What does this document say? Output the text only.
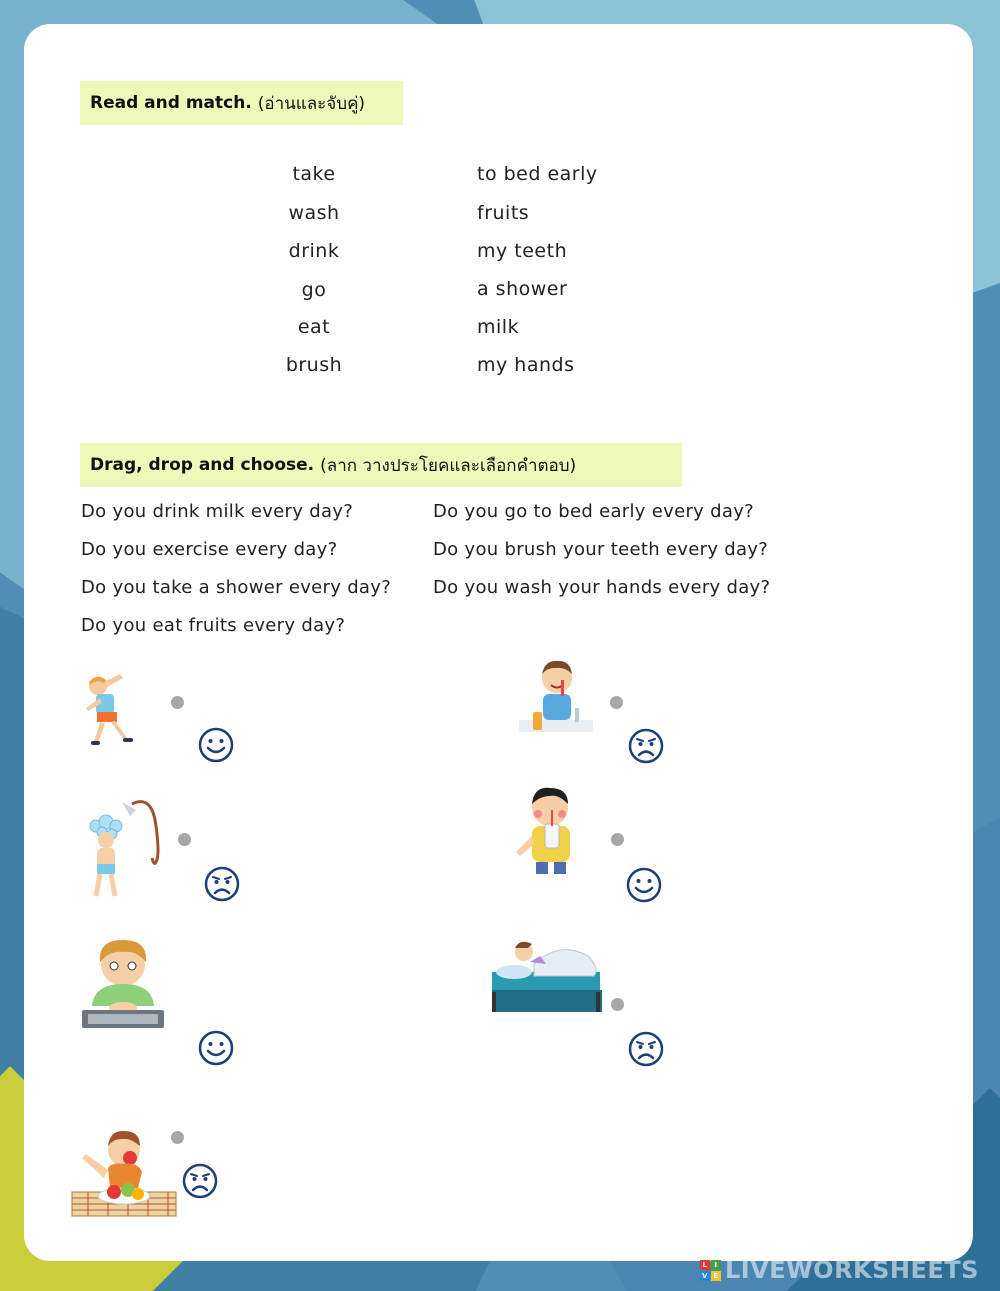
Read and match. (อ่านและจับคู่)
take
wash
drink
go
eat
brush
to bed early
fruits
my teeth
a shower
milk
my hands
Drag, drop and choose. (ลาก วางประโยคและเลือกคำตอบ)
Do you drink milk every day?
Do you exercise every day?
Do you take a shower every day?
Do you eat fruits every day?
Do you go to bed early every day?
Do you brush your teeth every day?
Do you wash your hands every day?
L I
V E LIVEWORKSHEETS
